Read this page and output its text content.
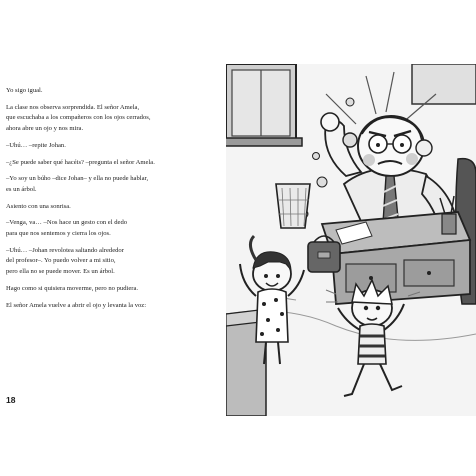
Yo sigo igual.

La clase nos observa sorprendida. El señor Amela,

que escuchaba a los compañeros con los ojos cerrados,

ahora abre un ojo y nos mira.

–Uhú… –repite Johan.

–¿Se puede saber qué hacéis? –pregunta el señor Amela.

–Yo soy un búho –dice Johan– y ella no puede hablar,

es un árbol.

Asiento con una sonrisa.

–Venga, va… –Nos hace un gesto con el dedo

para que nos sentemos y cierra los ojos.

–Uhú… –Johan revolotea saltando alrededor

del profesor–. Yo puedo volver a mi sitio,

pero ella no se puede mover. Es un árbol.

Hago como si quisiera moverme, pero no pudiera.

El señor Amela vuelve a abrir el ojo y levanta la voz:

18
